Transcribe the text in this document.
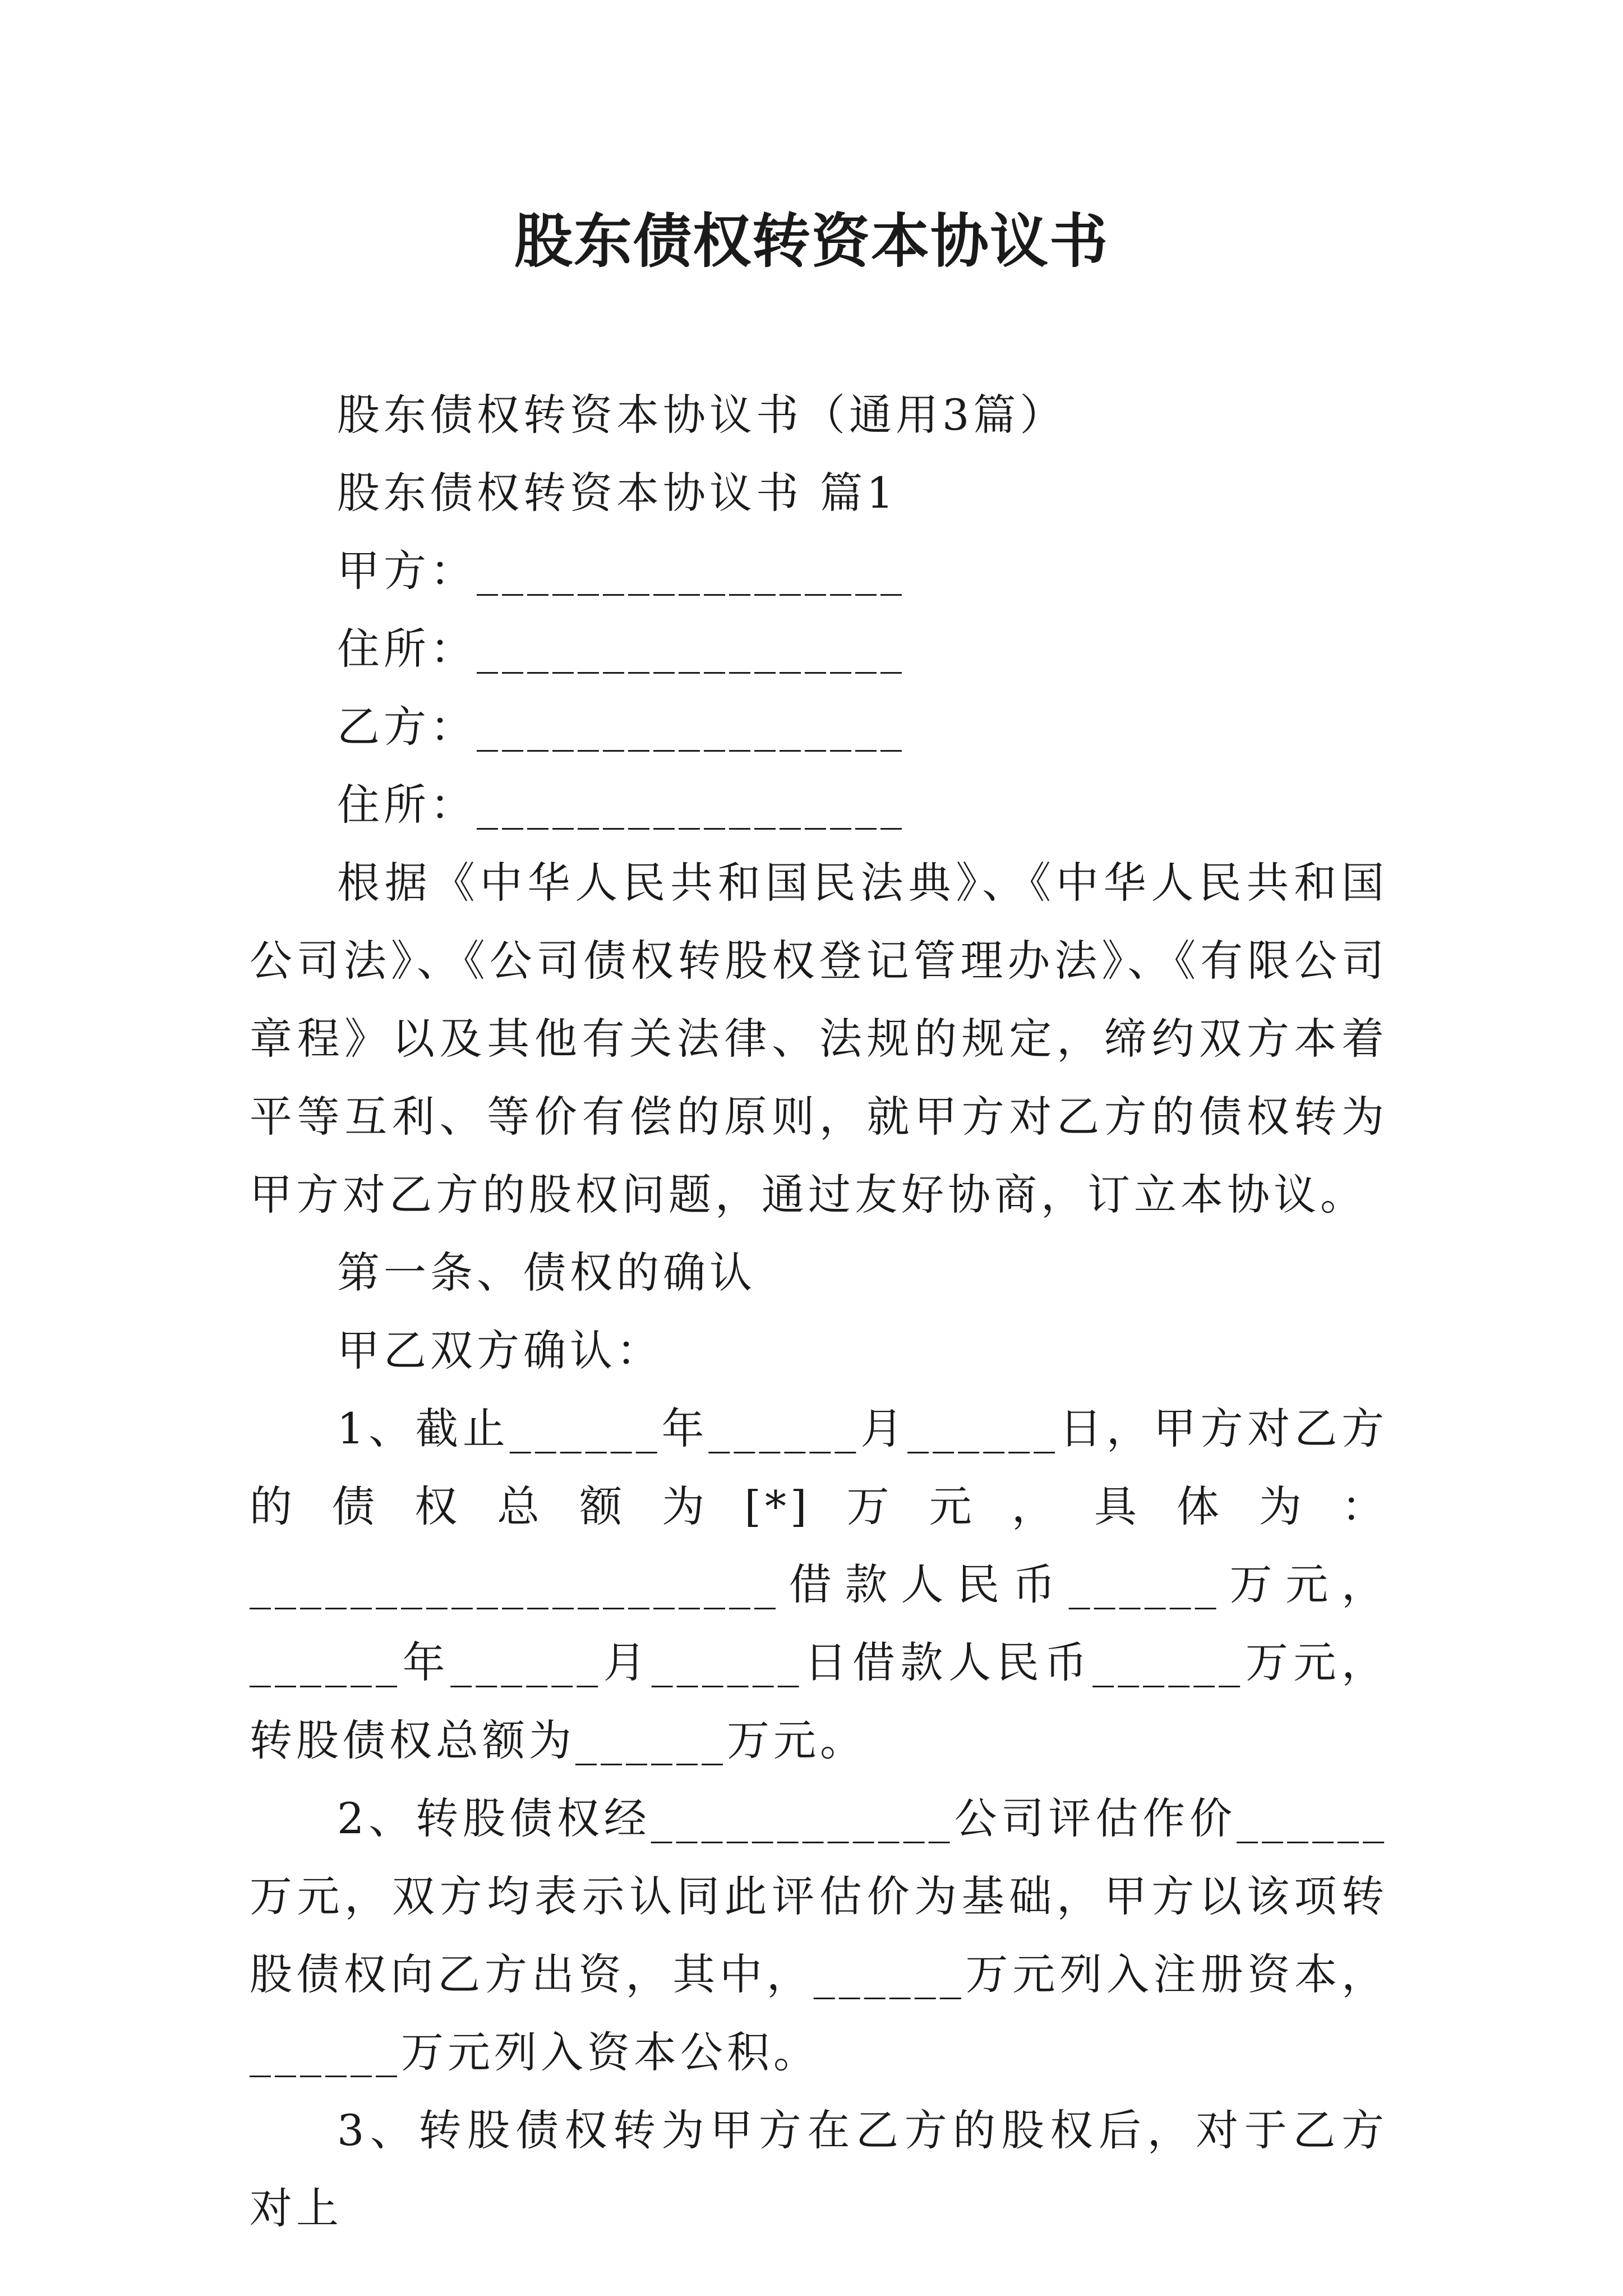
股东债权转资本协议书

股东债权转资本协议书（通用3篇）

股东债权转资本协议书 篇1

甲方：_________________

住所：_________________

乙方：_________________

住所：_________________

根据《中华人民共和国民法典》、《中华人民共和国公司法》、《公司债权转股权登记管理办法》、《有限公司章程》以及其他有关法律、法规的规定，缔约双方本着平等互利、等价有偿的原则，就甲方对乙方的债权转为甲方对乙方的股权问题，通过友好协商，订立本协议。

第一条、债权的确认

甲乙双方确认：

1、截止______年______月______日，甲方对乙方的债权总额为[*]万元，具体为：_____________________借款人民币______万元，______年______月______日借款人民币______万元，转股债权总额为______万元。

2、转股债权经____________公司评估作价______万元，双方均表示认同此评估价为基础，甲方以该项转股债权向乙方出资，其中，______万元列入注册资本，______万元列入资本公积。

3、转股债权转为甲方在乙方的股权后，对于乙方对上
